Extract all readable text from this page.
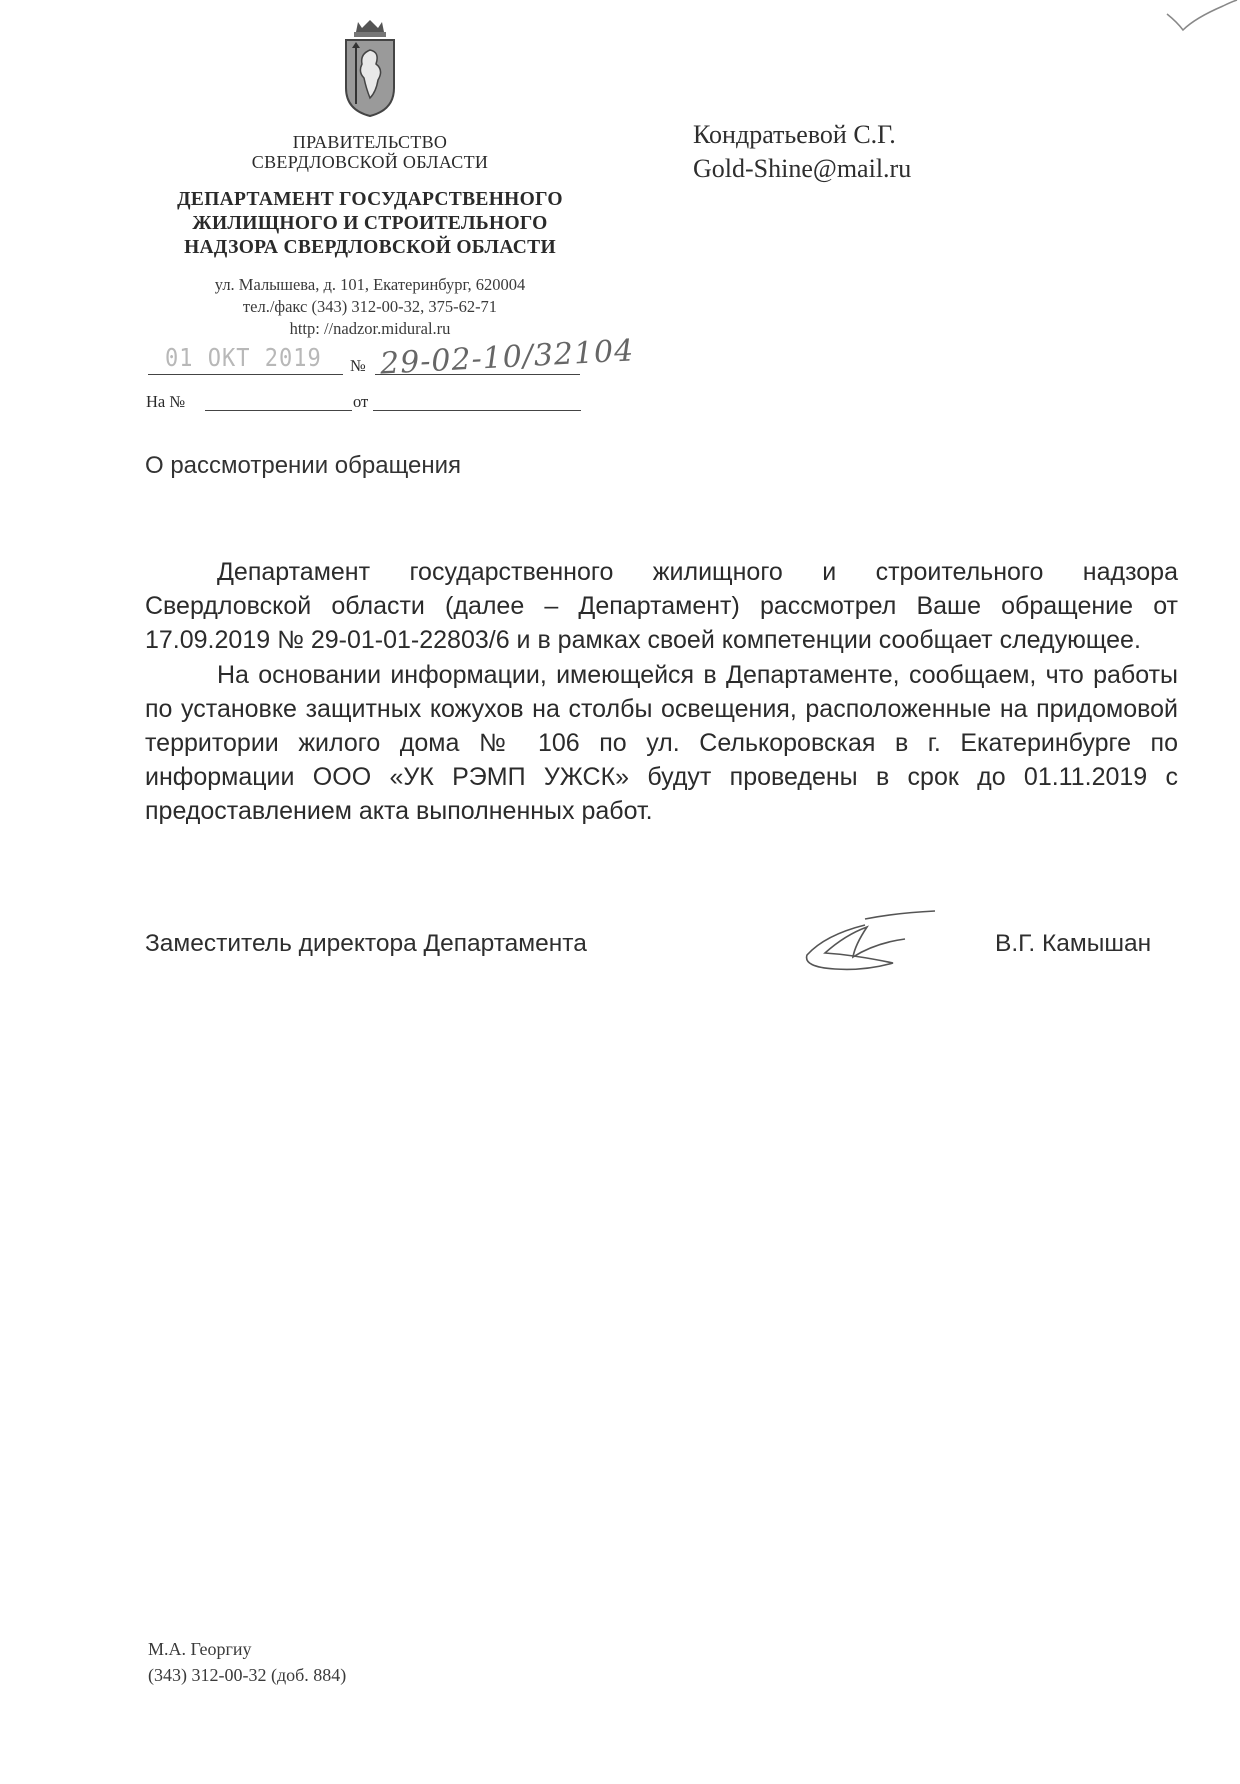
ПРАВИТЕЛЬСТВО
СВЕРДЛОВСКОЙ ОБЛАСТИ
ДЕПАРТАМЕНТ ГОСУДАРСТВЕННОГО
ЖИЛИЩНОГО И СТРОИТЕЛЬНОГО
НАДЗОРА СВЕРДЛОВСКОЙ ОБЛАСТИ
ул. Малышева, д. 101, Екатеринбург, 620004
тел./факс (343) 312-00-32, 375-62-71
http: //nadzor.midural.ru
01 ОКТ 2019 № 29-02-10/32104
На №	от
Кондратьевой С.Г.
Gold-Shine@mail.ru
О рассмотрении обращения

Департамент государственного жилищного и строительного надзора Свердловской области (далее – Департамент) рассмотрел Ваше обращение от 17.09.2019 № 29-01-01-22803/6 и в рамках своей компетенции сообщает следующее.

На основании информации, имеющейся в Департаменте, сообщаем, что работы по установке защитных кожухов на столбы освещения, расположенные на придомовой территории жилого дома № 106 по ул. Селькоровская в г. Екатеринбурге по информации ООО «УК РЭМП УЖСК» будут проведены в срок до 01.11.2019 с предоставлением акта выполненных работ.

Заместитель директора Департамента	В.Г. Камышан
М.А. Георгиу
(343) 312-00-32 (доб. 884)
